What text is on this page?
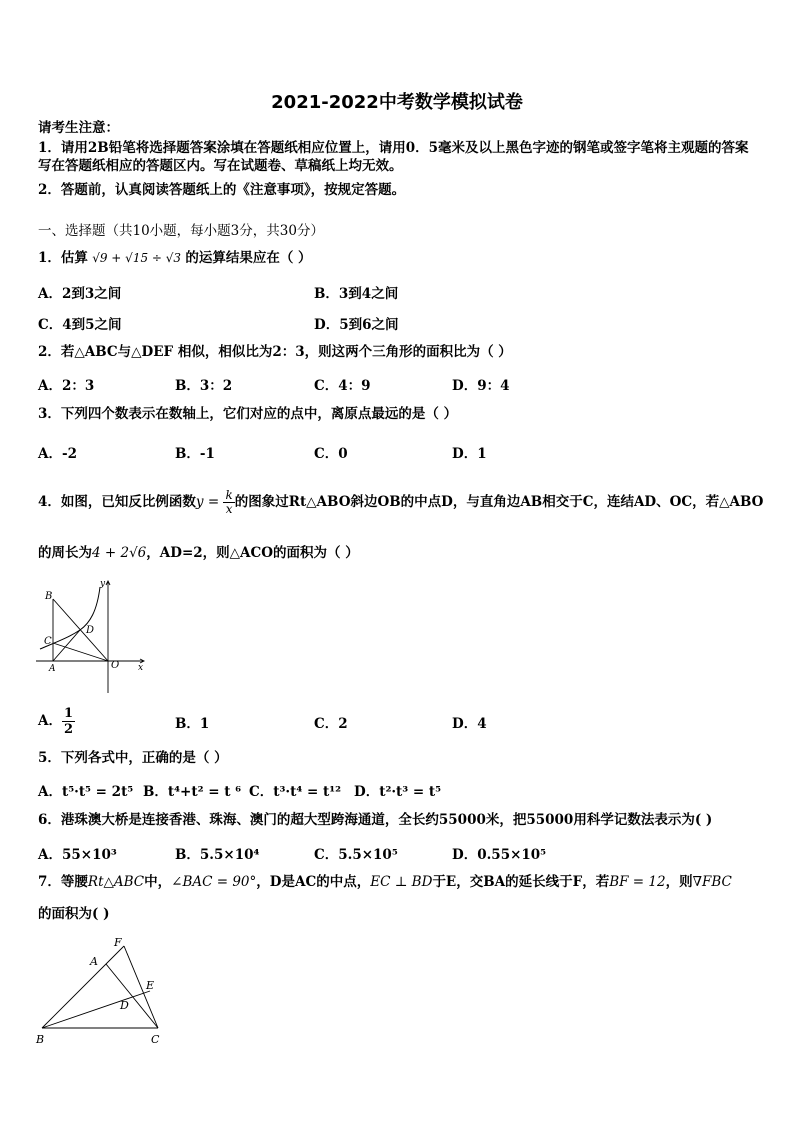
2021-2022中考数学模拟试卷
请考生注意：
1．请用2B铅笔将选择题答案涂填在答题纸相应位置上，请用0．5毫米及以上黑色字迹的钢笔或签字笔将主观题的答案写在答题纸相应的答题区内。写在试题卷、草稿纸上均无效。
2．答题前，认真阅读答题纸上的《注意事项》，按规定答题。
一、选择题（共10小题，每小题3分，共30分）
1．估算 √9 + √15 ÷ √3 的运算结果应在（ ）
A．2到3之间	B．3到4之间
C．4到5之间	D．5到6之间
2．若△ABC与△DEF 相似，相似比为2：3，则这两个三角形的面积比为（ ）
A．2：3	B．3：2	C．4：9	D．9：4
3．下列四个数表示在数轴上，它们对应的点中，离原点最远的是（ ）
A．-2	B．-1	C．0	D．1
4．如图，已知反比例函数$y = \frac{k}{x}$ 的图象过Rt△ABO斜边OB的中点D，与直角边AB相交于C，连结AD、OC，若△ABO
的周长为4 + 2√6，AD=2，则△ACO的面积为（ ）
B
C
D
A	O x
y
A． $\frac{1}{2}$	B．1	C．2	D．4
5．下列各式中，正确的是（ ）
A．t⁵·t⁵ = 2t⁵ B．t⁴+t² = t ⁶ C．t³·t⁴ = t¹² D．t²·t³ = t⁵
6．港珠澳大桥是连接香港、珠海、澳门的超大型跨海通道，全长约55000米，把55000用科学记数法表示为( )
A．55×10³	B．5.5×10⁴	C．5.5×10⁵	D．0.55×10⁵
7．等腰Rt△ABC中，∠BAC = 90°，D是AC的中点，EC ⊥ BD于E，交BA的延长线于F，若BF = 12，则∇FBC
的面积为( )
F
A
E
D
B	C
